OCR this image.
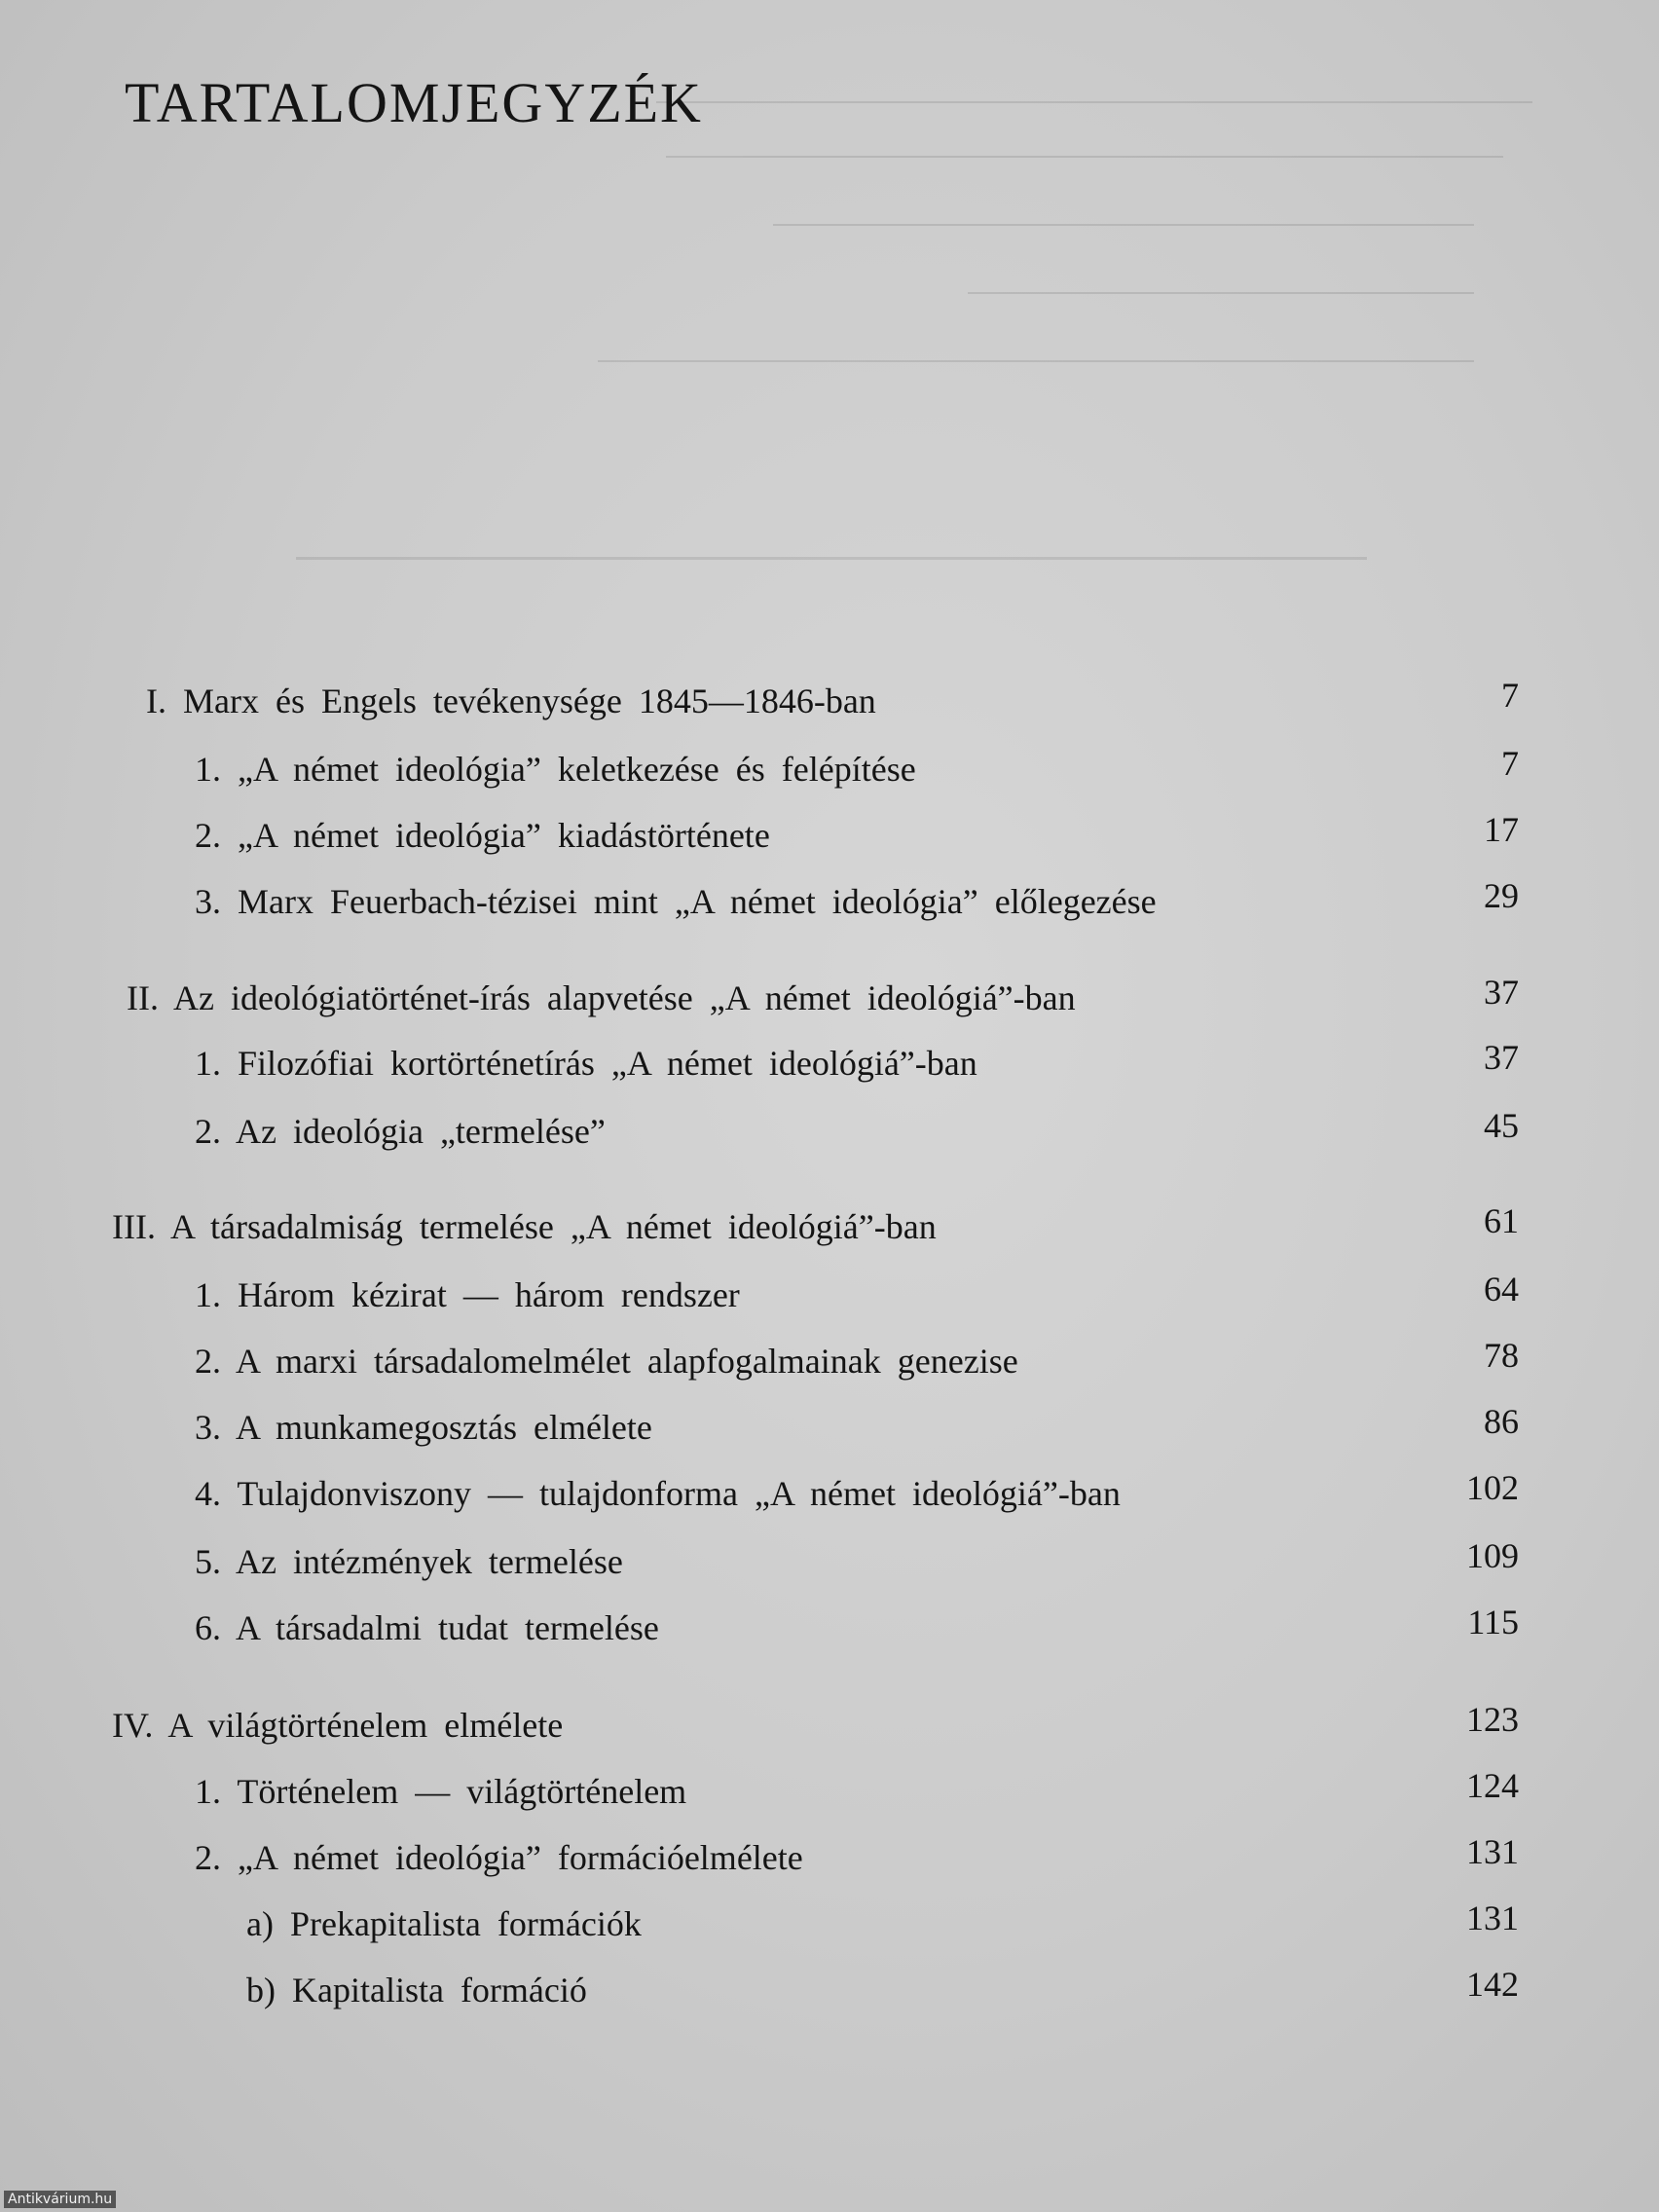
TARTALOMJEGYZÉK
I. Marx és Engels tevékenysége 1845—1846-ban	7
1. „A német ideológia” keletkezése és felépítése	7
2. „A német ideológia” kiadástörténete	17
3. Marx Feuerbach-tézisei mint „A német ideológia” előlegezése	29
II. Az ideológiatörténet-írás alapvetése „A német ideológiá”-ban	37
1. Filozófiai kortörténetírás „A német ideológiá”-ban	37
2. Az ideológia „termelése”	45
III. A társadalmiság termelése „A német ideológiá”-ban	61
1. Három kézirat — három rendszer	64
2. A marxi társadalomelmélet alapfogalmainak genezise	78
3. A munkamegosztás elmélete	86
4. Tulajdonviszony — tulajdonforma „A német ideológiá”-ban	102
5. Az intézmények termelése	109
6. A társadalmi tudat termelése	115
IV. A világtörténelem elmélete	123
1. Történelem — világtörténelem	124
2. „A német ideológia” formációelmélete	131
a) Prekapitalista formációk	131
b) Kapitalista formáció	142
Antikvárium.hu
